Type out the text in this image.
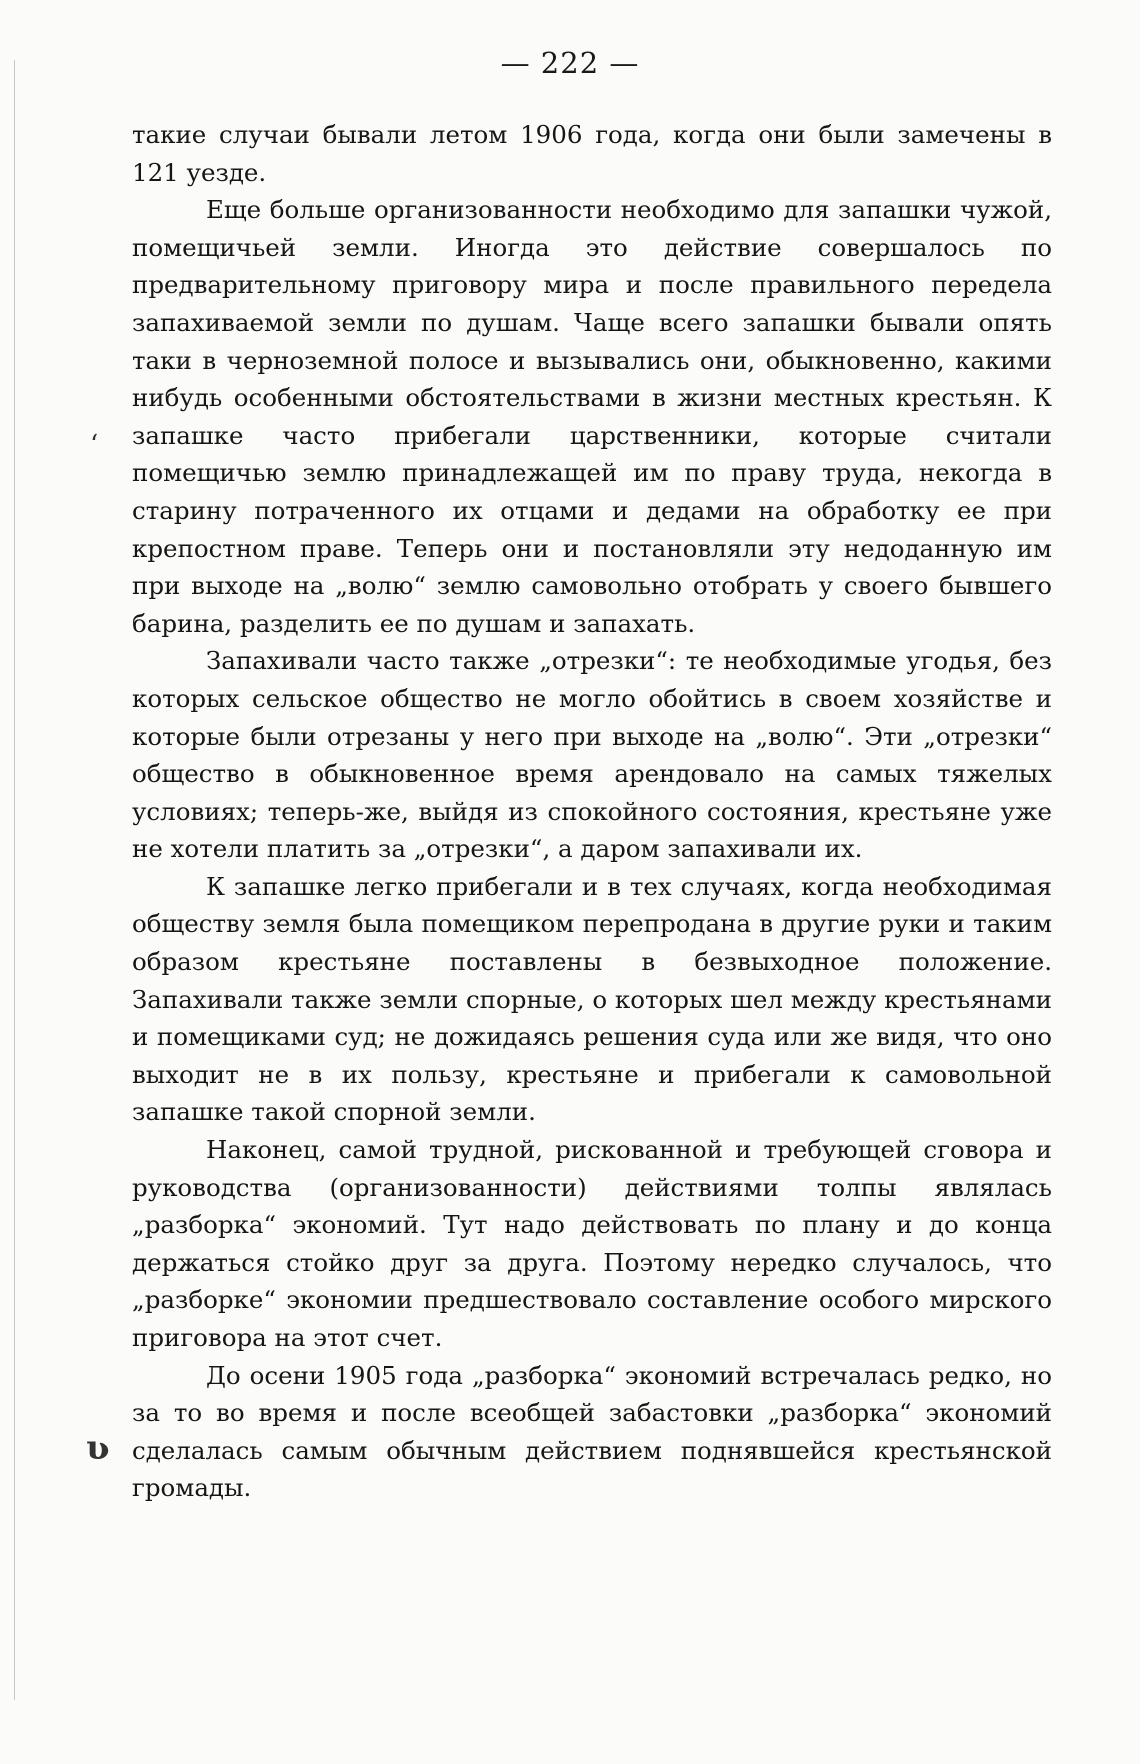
— 222 —

такие случаи бывали летом 1906 года, когда они были замечены в 121 уезде.

Еще больше организованности необходимо для запашки чужой, помещичьей земли. Иногда это действие совершалось по предварительному приговору мира и после правильного передела запахиваемой земли по душам. Чаще всего запашки бывали опять таки в черноземной полосе и вызывались они, обыкновенно, какими нибудь особенными обстоятельствами в жизни местных крестьян. К запашке часто прибегали царственники, которые считали помещичью землю принадлежащей им по праву труда, некогда в старину потраченного их отцами и дедами на обработку ее при крепостном праве. Теперь они и постановляли эту недоданную им при выходе на „волю“ землю самовольно отобрать у своего бывшего барина, разделить ее по душам и запахать.

Запахивали часто также „отрезки“: те необходимые угодья, без которых сельское общество не могло обойтись в своем хозяйстве и которые были отрезаны у него при выходе на „волю“. Эти „отрезки“ общество в обыкновенное время арендовало на самых тяжелых условиях; теперь-же, выйдя из спокойного состояния, крестьяне уже не хотели платить за „отрезки“, а даром запахивали их.

К запашке легко прибегали и в тех случаях, когда необходимая обществу земля была помещиком перепродана в другие руки и таким образом крестьяне поставлены в безвыходное положение. Запахивали также земли спорные, о которых шел между крестьянами и помещиками суд; не дожидаясь решения суда или же видя, что оно выходит не в их пользу, крестьяне и прибегали к самовольной запашке такой спорной земли.

Наконец, самой трудной, рискованной и требующей сговора и руководства (организованности) действиями толпы являлась „разборка“ экономий. Тут надо действовать по плану и до конца держаться стойко друг за друга. Поэтому нередко случалось, что „разборке“ экономии предшествовало составление особого мирского приговора на этот счет.

До осени 1905 года „разборка“ экономий встречалась редко, но за то во время и после всеобщей забастовки „разборка“ экономий сделалась самым обычным действием поднявшейся крестьянской громады.

ʻ
ʋ
